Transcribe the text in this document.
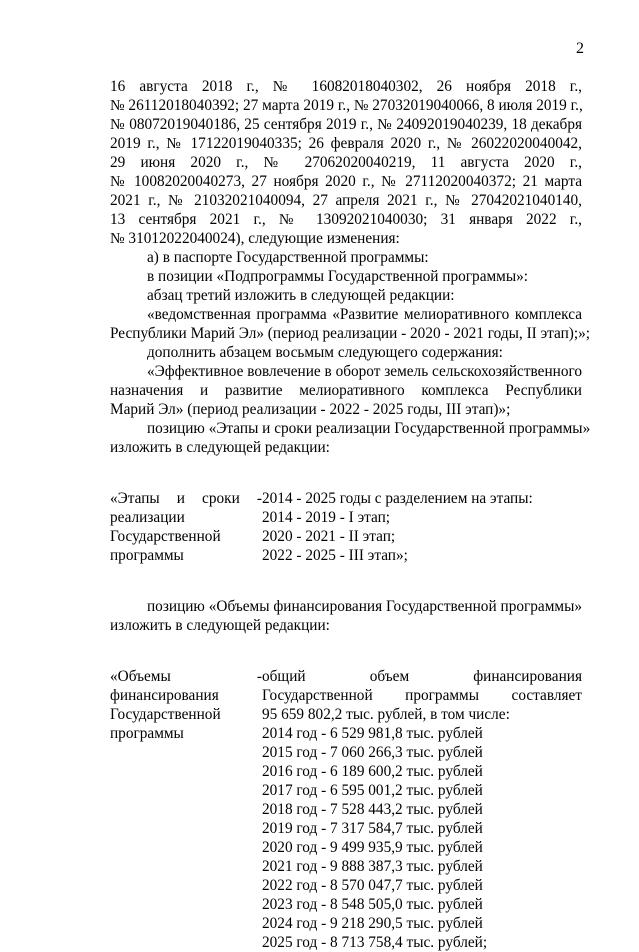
2
16 августа 2018 г., № 16082018040302, 26 ноября 2018 г.,
№ 26112018040392; 27 марта 2019 г., № 27032019040066, 8 июля 2019 г.,
№ 08072019040186, 25 сентября 2019 г., № 24092019040239, 18 декабря
2019 г., № 17122019040335; 26 февраля 2020 г., № 26022020040042,
29 июня 2020 г., № 27062020040219, 11 августа 2020 г.,
№ 10082020040273, 27 ноября 2020 г., № 27112020040372; 21 марта
2021 г., № 21032021040094, 27 апреля 2021 г., № 27042021040140,
13 сентября 2021 г., № 13092021040030; 31 января 2022 г.,
№ 31012022040024), следующие изменения:
а) в паспорте Государственной программы:
в позиции «Подпрограммы Государственной программы»:
абзац третий изложить в следующей редакции:
«ведомственная программа «Развитие мелиоративного комплекса
Республики Марий Эл» (период реализации - 2020 - 2021 годы, II этап);»;
дополнить абзацем восьмым следующего содержания:
«Эффективное вовлечение в оборот земель сельскохозяйственного
назначения и развитие мелиоративного комплекса Республики
Марий Эл» (период реализации - 2022 - 2025 годы, III этап)»;
позицию «Этапы и сроки реализации Государственной программы»
изложить в следующей редакции:
«Этапы и сроки -
реализации
Государственной
программы
2014 - 2025 годы с разделением на этапы:
2014 - 2019 - I этап;
2020 - 2021 - II этап;
2022 - 2025 - III этап»;
позицию «Объемы финансирования Государственной программы»
изложить в следующей редакции:
«Объемы	-
финансирования
Государственной
программы
общий объем финансирования
Государственной программы составляет
95 659 802,2 тыс. рублей, в том числе:
2014 год - 6 529 981,8 тыс. рублей
2015 год - 7 060 266,3 тыс. рублей
2016 год - 6 189 600,2 тыс. рублей
2017 год - 6 595 001,2 тыс. рублей
2018 год - 7 528 443,2 тыс. рублей
2019 год - 7 317 584,7 тыс. рублей
2020 год - 9 499 935,9 тыс. рублей
2021 год - 9 888 387,3 тыс. рублей
2022 год - 8 570 047,7 тыс. рублей
2023 год - 8 548 505,0 тыс. рублей
2024 год - 9 218 290,5 тыс. рублей
2025 год - 8 713 758,4 тыс. рублей;
